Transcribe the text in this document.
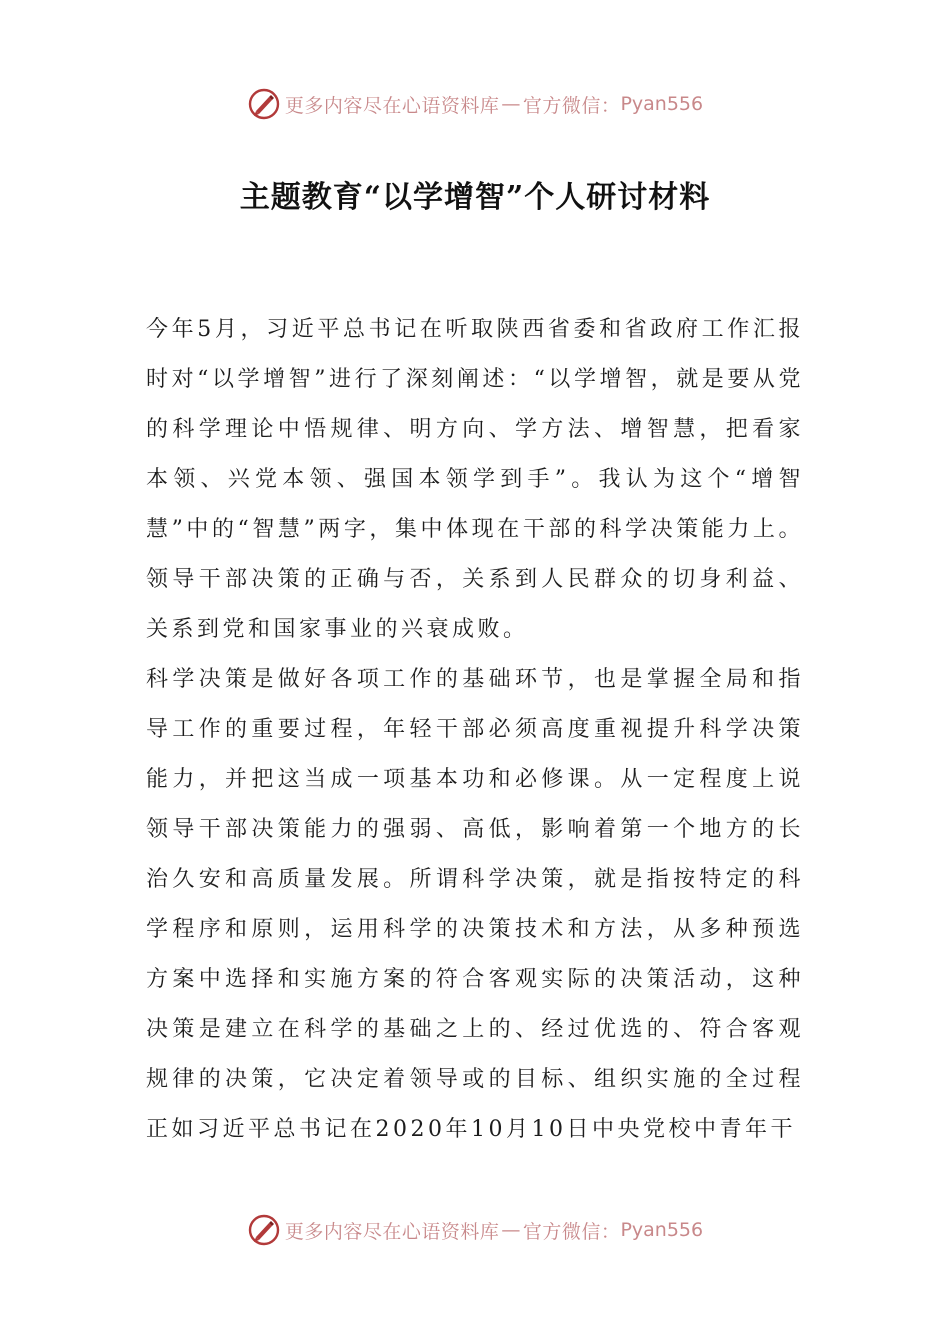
更多内容尽在心语资料库 — 官方微信： Pyan556
主题教育“以学增智”个人研讨材料

今年5月，习近平总书记在听取陕西省委和省政府工作汇报时对“以学增智”进行了深刻阐述：“以学增智，就是要从党的科学理论中悟规律、明方向、学方法、增智慧，把看家本领、兴党本领、强国本领学到手”。我认为这个“增智慧”中的“智慧”两字，集中体现在干部的科学决策能力上。领导干部决策的正确与否，关系到人民群众的切身利益、关系到党和国家事业的兴衰成败。

科学决策是做好各项工作的基础环节，也是掌握全局和指导工作的重要过程，年轻干部必须高度重视提升科学决策能力，并把这当成一项基本功和必修课。从一定程度上说领导干部决策能力的强弱、高低，影响着第一个地方的长治久安和高质量发展。所谓科学决策，就是指按特定的科学程序和原则，运用科学的决策技术和方法，从多种预选方案中选择和实施方案的符合客观实际的决策活动，这种决策是建立在科学的基础之上的、经过优选的、符合客观规律的决策，它决定着领导或的目标、组织实施的全过程正如习近平总书记在2020年10月10日中央党校中青年干

更多内容尽在心语资料库 — 官方微信： Pyan556
